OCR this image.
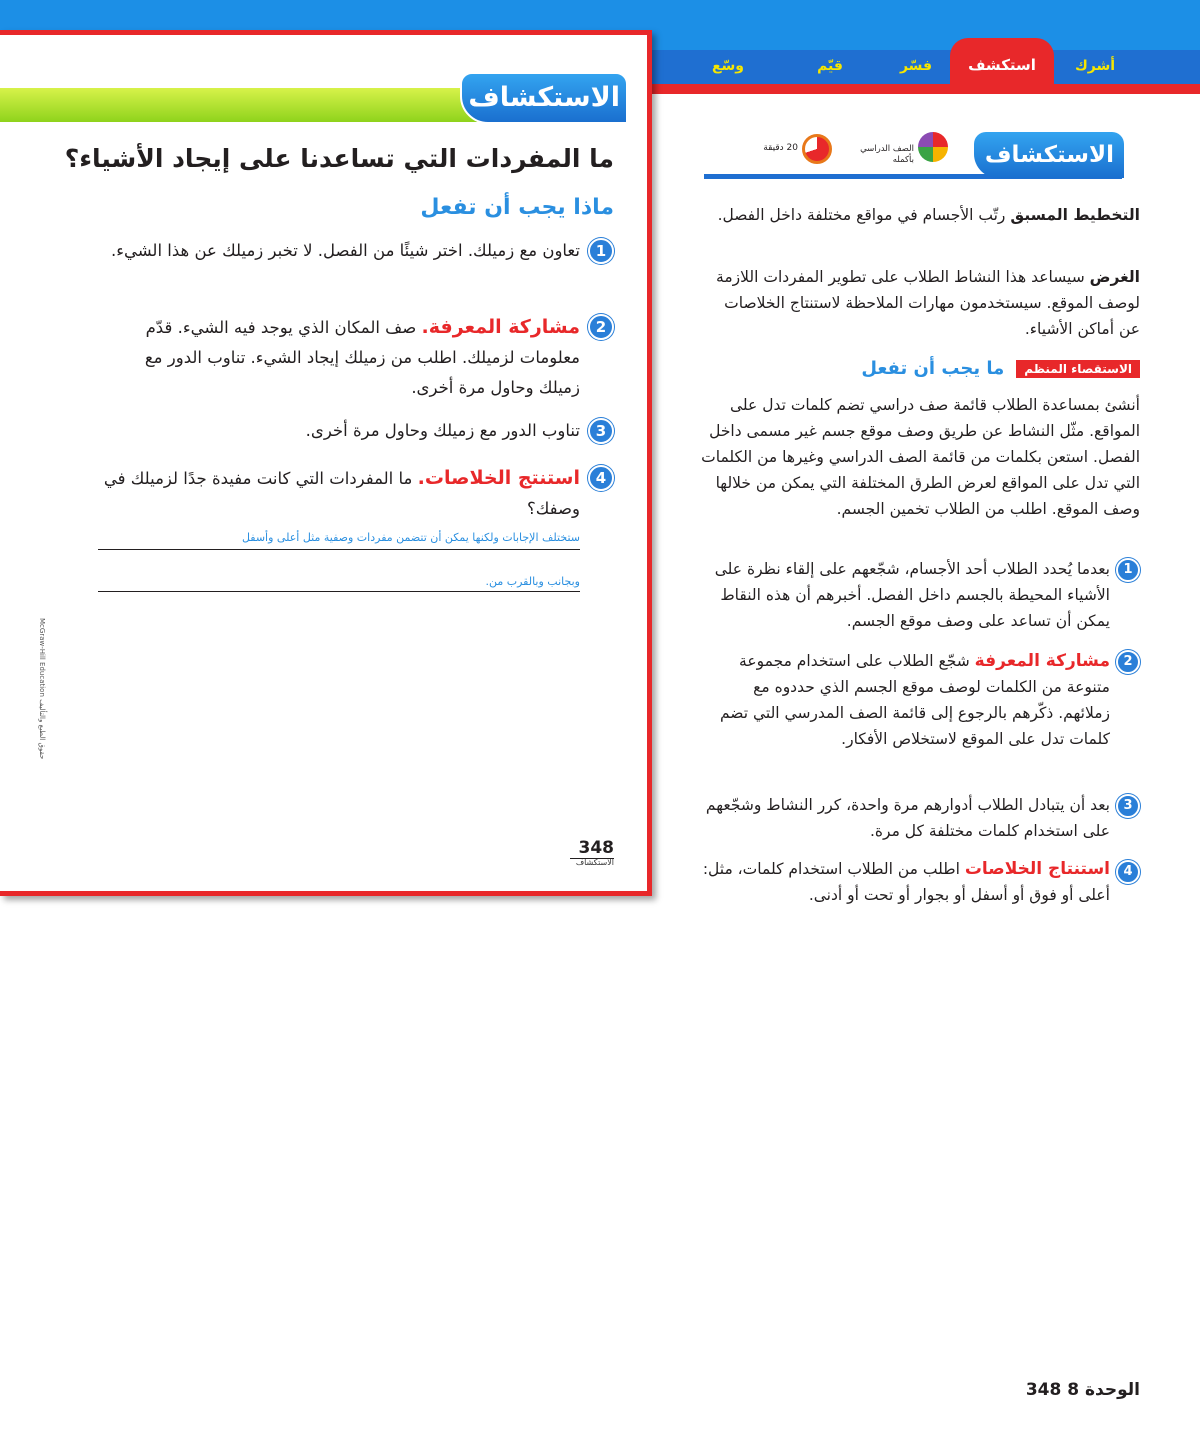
أشرك
استكشف
فسّر
قيّم
وسّع
الاستكشاف
ما المفردات التي تساعدنا على إيجاد الأشياء؟
ماذا يجب أن تفعل
1
تعاون مع زميلك. اختر شيئًا من الفصل. لا تخبر زميلك عن هذا الشيء.
2
مشاركة المعرفة. صف المكان الذي يوجد فيه الشيء. قدّم معلومات لزميلك. اطلب من زميلك إيجاد الشيء. تناوب الدور مع زميلك وحاول مرة أخرى.
3
تناوب الدور مع زميلك وحاول مرة أخرى.
4
استنتج الخلاصات. ما المفردات التي كانت مفيدة جدًا لزميلك في وصفك؟
ستختلف الإجابات ولكنها يمكن أن تتضمن مفردات وصفية مثل أعلى وأسفل
وبجانب وبالقرب من.
McGraw-Hill Education حقوق الطبع والتأليف
348
الاستكشاف
الاستكشاف
الصف الدراسي بأكمله
20 دقيقة
التخطيط المسبق رتّب الأجسام في مواقع مختلفة داخل الفصل.
الغرض سيساعد هذا النشاط الطلاب على تطوير المفردات اللازمة لوصف الموقع. سيستخدمون مهارات الملاحظة لاستنتاج الخلاصات عن أماكن الأشياء.
الاستقصاء المنظمما يجب أن تفعل
أنشئ بمساعدة الطلاب قائمة صف دراسي تضم كلمات تدل على المواقع. مثّل النشاط عن طريق وصف موقع جسم غير مسمى داخل الفصل. استعن بكلمات من قائمة الصف الدراسي وغيرها من الكلمات التي تدل على المواقع لعرض الطرق المختلفة التي يمكن من خلالها وصف الموقع. اطلب من الطلاب تخمين الجسم.
1
بعدما يُحدد الطلاب أحد الأجسام، شجّعهم على إلقاء نظرة على الأشياء المحيطة بالجسم داخل الفصل. أخبرهم أن هذه النقاط يمكن أن تساعد على وصف موقع الجسم.
2
مشاركة المعرفة شجّع الطلاب على استخدام مجموعة متنوعة من الكلمات لوصف موقع الجسم الذي حددوه مع زملائهم. ذكّرهم بالرجوع إلى قائمة الصف المدرسي التي تضم كلمات تدل على الموقع لاستخلاص الأفكار.
3
بعد أن يتبادل الطلاب أدوارهم مرة واحدة، كرر النشاط وشجّعهم على استخدام كلمات مختلفة كل مرة.
4
استنتاج الخلاصات اطلب من الطلاب استخدام كلمات، مثل: أعلى أو فوق أو أسفل أو بجوار أو تحت أو أدنى.
الوحدة 8 348
